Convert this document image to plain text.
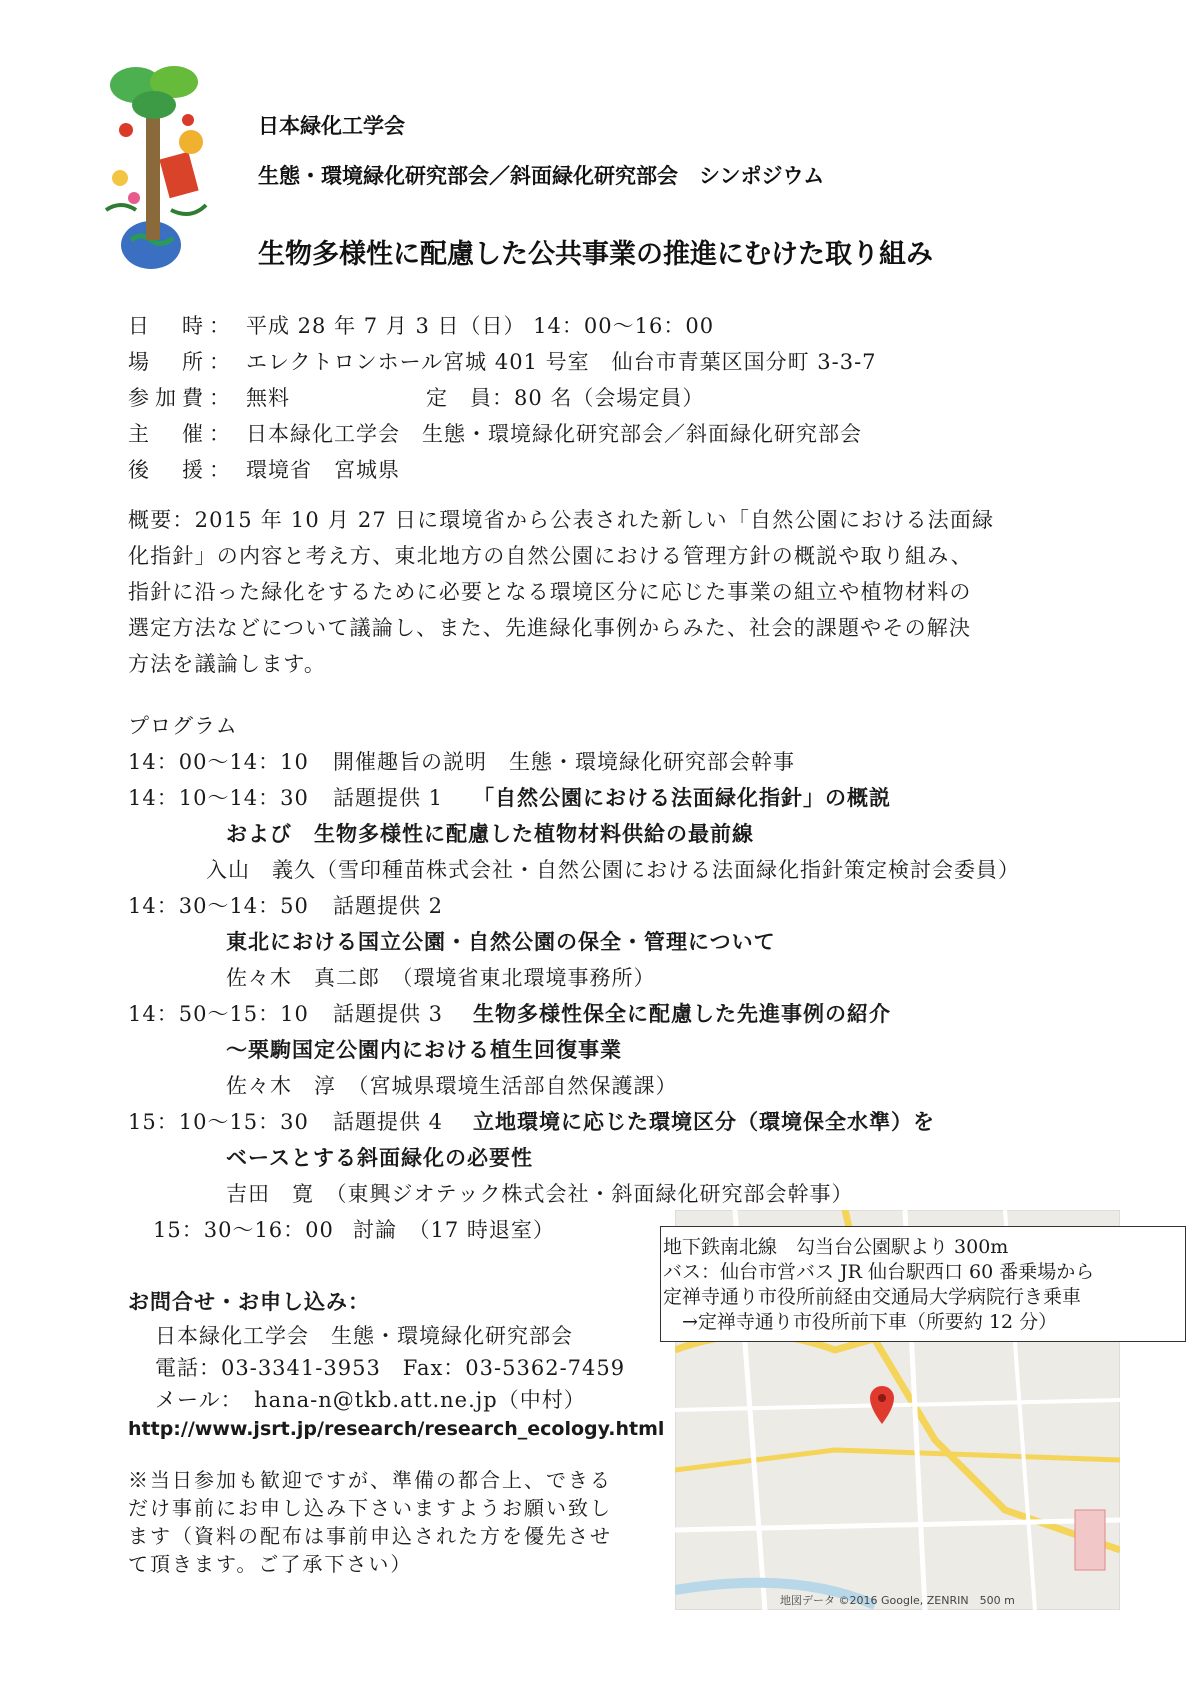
日本緑化工学会
生態・環境緑化研究部会／斜面緑化研究部会　シンポジウム
生物多様性に配慮した公共事業の推進にむけた取り組み
日　時： 平成 28 年 7 月 3 日（日） 14：00〜16：00
場　所： エレクトロンホール宮城 401 号室　仙台市青葉区国分町 3-3-7
参加費： 無料	定　員：80 名（会場定員）
主　催： 日本緑化工学会　生態・環境緑化研究部会／斜面緑化研究部会
後　援： 環境省　宮城県
概要：2015 年 10 月 27 日に環境省から公表された新しい「自然公園における法面緑
化指針」の内容と考え方、東北地方の自然公園における管理方針の概説や取り組み、
指針に沿った緑化をするために必要となる環境区分に応じた事業の組立や植物材料の
選定方法などについて議論し、また、先進緑化事例からみた、社会的課題やその解決
方法を議論します。
プログラム
14：00〜14：10 開催趣旨の説明　生態・環境緑化研究部会幹事
14：10〜14：30 話題提供 1 「自然公園における法面緑化指針」の概説
および　生物多様性に配慮した植物材料供給の最前線
入山　義久（雪印種苗株式会社・自然公園における法面緑化指針策定検討会委員）
14：30〜14：50 話題提供 2
東北における国立公園・自然公園の保全・管理について
佐々木　真二郎　（環境省東北環境事務所）
14：50〜15：10 話題提供 3 生物多様性保全に配慮した先進事例の紹介
〜栗駒国定公園内における植生回復事業
佐々木　淳　（宮城県環境生活部自然保護課）
15：10〜15：30 話題提供 4 立地環境に応じた環境区分（環境保全水準）を
ベースとする斜面緑化の必要性
吉田　寛　（東興ジオテック株式会社・斜面緑化研究部会幹事）
15：30〜16：00 討論　（17 時退室）
お問合せ・お申し込み：
日本緑化工学会　生態・環境緑化研究部会
電話：03-3341-3953　Fax：03-5362-7459
メール：　hana-n@tkb.att.ne.jp（中村）
http://www.jsrt.jp/research/research_ecology.html
※当日参加も歓迎ですが、準備の都合上、できる
だけ事前にお申し込み下さいますようお願い致し
ます（資料の配布は事前申込された方を優先させ
て頂きます。ご了承下さい）
地図データ ©2016 Google, ZENRIN　500 m
地下鉄南北線　勾当台公園駅より 300m
バス：仙台市営バス JR 仙台駅西口 60 番乗場から
定禅寺通り市役所前経由交通局大学病院行き乗車
　→定禅寺通り市役所前下車（所要約 12 分）
